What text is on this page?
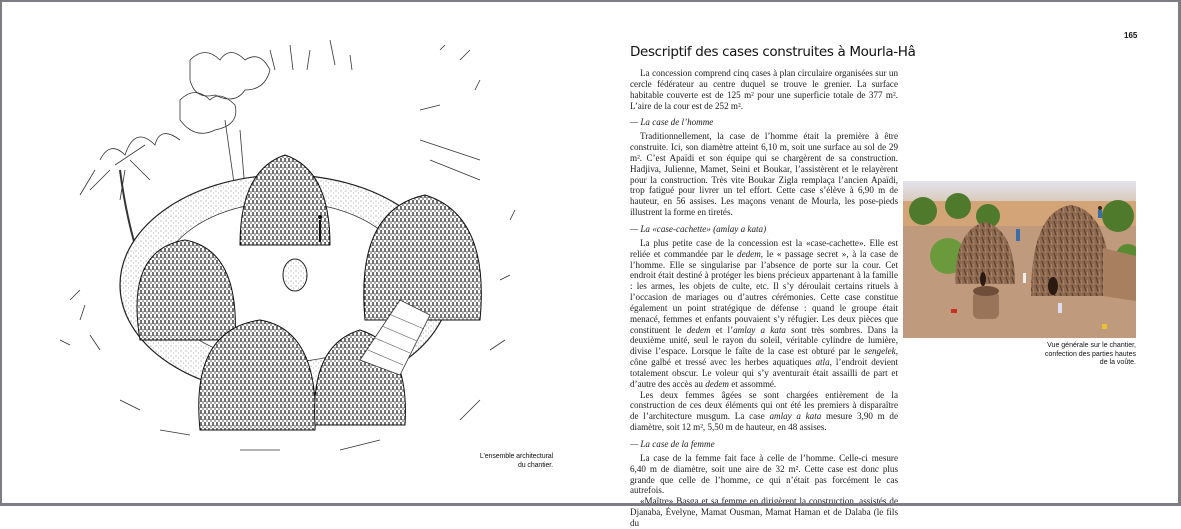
L’ensemble architectural
du chantier.
165
Descriptif des cases construites à Mourla-Hâ

La concession comprend cinq cases à plan circulaire organisées sur un cercle fédérateur au centre duquel se trouve le grenier. La surface habitable couverte est de 125 m² pour une superficie totale de 377 m². L’aire de la cour est de 252 m².

— La case de l’homme

Traditionnellement, la case de l’homme était la première à être construite. Ici, son diamètre atteint 6,10 m, soit une surface au sol de 29 m². C’est Apaïdi et son équipe qui se chargèrent de sa construction. Hadjiva, Julienne, Mamet, Seini et Boukar, l’assistèrent et le relayèrent pour la construction. Très vite Boukar Zigla remplaça l’ancien Apaïdi, trop fatigué pour livrer un tel effort. Cette case s’élève à 6,90 m de hauteur, en 56 assises. Les maçons venant de Mourla, les pose-pieds illustrent la forme en tiretés.

— La «case-cachette» (amlay a kata)

La plus petite case de la concession est la «case-cachette». Elle est reliée et commandée par le dedem, le « passage secret », à la case de l’homme. Elle se singularise par l’absence de porte sur la cour. Cet endroit était destiné à protéger les biens précieux appartenant à la famille : les armes, les objets de culte, etc. Il s’y déroulait certains rituels à l’occasion de mariages ou d’autres cérémonies. Cette case constitue également un point stratégique de défense : quand le groupe était menacé, femmes et enfants pouvaient s’y réfugier. Les deux pièces que constituent le dedem et l’amlay a kata sont très sombres. Dans la deuxième unité, seul le rayon du soleil, véritable cylindre de lumière, divise l’espace. Lorsque le faîte de la case est obturé par le sengelek, cône galbé et tressé avec les herbes aquatiques atla, l’endroit devient totalement obscur. Le voleur qui s’y aventurait était assailli de part et d’autre des accès au dedem et assommé.

Les deux femmes âgées se sont chargées entièrement de la construction de ces deux éléments qui ont été les premiers à disparaître de l’architecture musgum. La case amlay a kata mesure 3,90 m de diamètre, soit 12 m², 5,50 m de hauteur, en 48 assises.

— La case de la femme

La case de la femme fait face à celle de l’homme. Celle-ci mesure 6,40 m de diamètre, soit une aire de 32 m². Cette case est donc plus grande que celle de l’homme, ce qui n’était pas forcément le cas autrefois.

«Maître» Basga et sa femme en dirigèrent la construction, assistés de Djanaba, Évelyne, Mamat Ousman, Mamat Haman et de Dalaba (le fils du

Vue générale sur le chantier,
confection des parties hautes
de la voûte.
